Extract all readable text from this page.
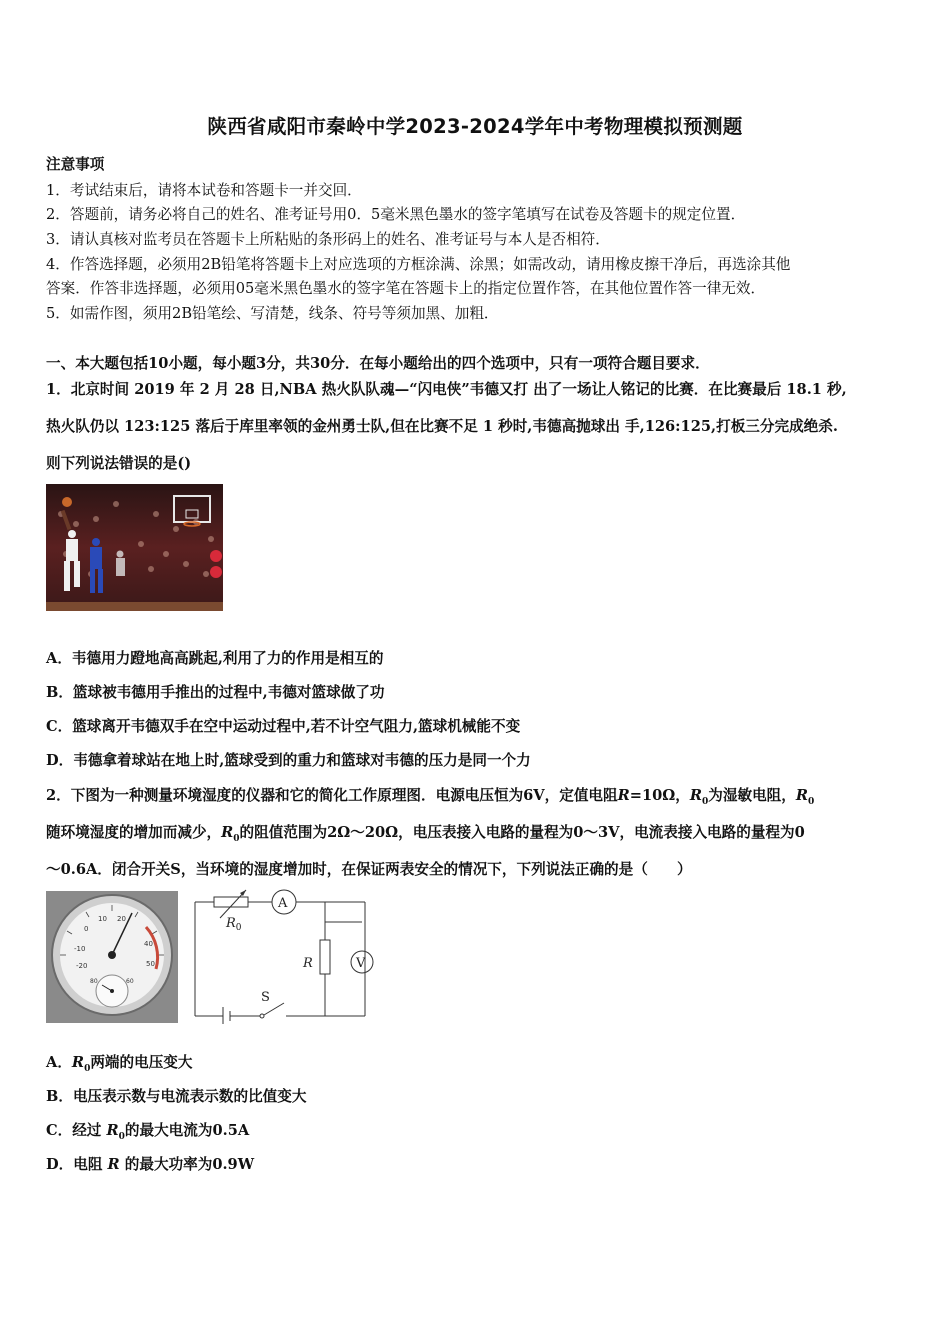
陕西省咸阳市秦岭中学2023-2024学年中考物理模拟预测题
注意事项
1．考试结束后，请将本试卷和答题卡一并交回．
2．答题前，请务必将自己的姓名、准考证号用0．5毫米黑色墨水的签字笔填写在试卷及答题卡的规定位置．
3．请认真核对监考员在答题卡上所粘贴的条形码上的姓名、准考证号与本人是否相符．
4．作答选择题，必须用2B铅笔将答题卡上对应选项的方框涂满、涂黑；如需改动，请用橡皮擦干净后，再选涂其他
答案．作答非选择题，必须用05毫米黑色墨水的签字笔在答题卡上的指定位置作答，在其他位置作答一律无效．
5．如需作图，须用2B铅笔绘、写清楚，线条、符号等须加黑、加粗．
一、本大题包括10小题，每小题3分，共30分．在每小题给出的四个选项中，只有一项符合题目要求．
1．北京时间 2019 年 2 月 28 日,NBA 热火队队魂—“闪电侠”韦德又打 出了一场让人铭记的比赛．在比赛最后 18.1 秒,
热火队仍以 123:125 落后于库里率领的金州勇士队,但在比赛不足 1 秒时,韦德高抛球出 手,126:125,打板三分完成绝杀.
则下列说法错误的是()
A．韦德用力蹬地高高跳起,利用了力的作用是相互的
B．篮球被韦德用手推出的过程中,韦德对篮球做了功
C．篮球离开韦德双手在空中运动过程中,若不计空气阻力,篮球机械能不变
D．韦德拿着球站在地上时,篮球受到的重力和篮球对韦德的压力是同一个力
2．下图为一种测量环境湿度的仪器和它的简化工作原理图．电源电压恒为6V，定值电阻R=10Ω，$R_0$为湿敏电阻，$R_0$
随环境湿度的增加而减少，$R_0$的阻值范围为2Ω～20Ω，电压表接入电路的量程为0～3V，电流表接入电路的量程为0
～0.6A．闭合开关S，当环境的湿度增加时，在保证两表安全的情况下，下列说法正确的是（　　）
20
10
0
40
50
-20
-10
60
80
A
V
R
$R_0$
S
A．$R_0$两端的电压变大
B．电压表示数与电流表示数的比值变大
C．经过 $R_0$的最大电流为0.5A
D．电阻 R 的最大功率为0.9W
